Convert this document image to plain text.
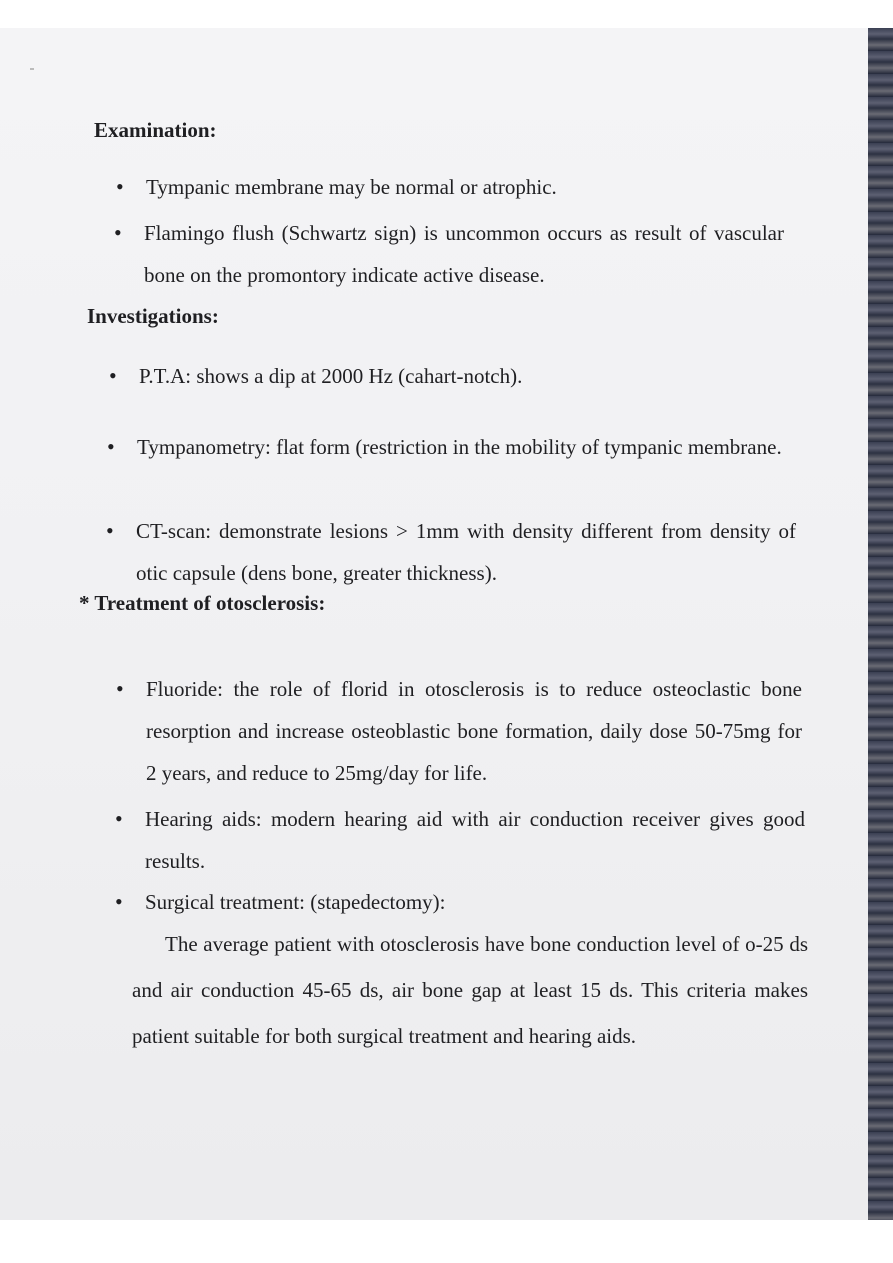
Examination:
• Tympanic membrane may be normal or atrophic.
• Flamingo flush (Schwartz sign) is uncommon occurs as result of vascular bone on the promontory indicate active disease.
Investigations:
• P.T.A: shows a dip at 2000 Hz (cahart-notch).
• Tympanometry: flat form (restriction in the mobility of tympanic membrane.
• CT-scan: demonstrate lesions > 1mm with density different from density of otic capsule (dens bone, greater thickness).
* Treatment of otosclerosis:
• Fluoride: the role of florid in otosclerosis is to reduce osteoclastic bone resorption and increase osteoblastic bone formation, daily dose 50-75mg for 2 years, and reduce to 25mg/day for life.
• Hearing aids: modern hearing aid with air conduction receiver gives good results.
• Surgical treatment: (stapedectomy):
The average patient with otosclerosis have bone conduction level of o-25 ds and air conduction 45-65 ds, air bone gap at least 15 ds. This criteria makes patient suitable for both surgical treatment and hearing aids.
